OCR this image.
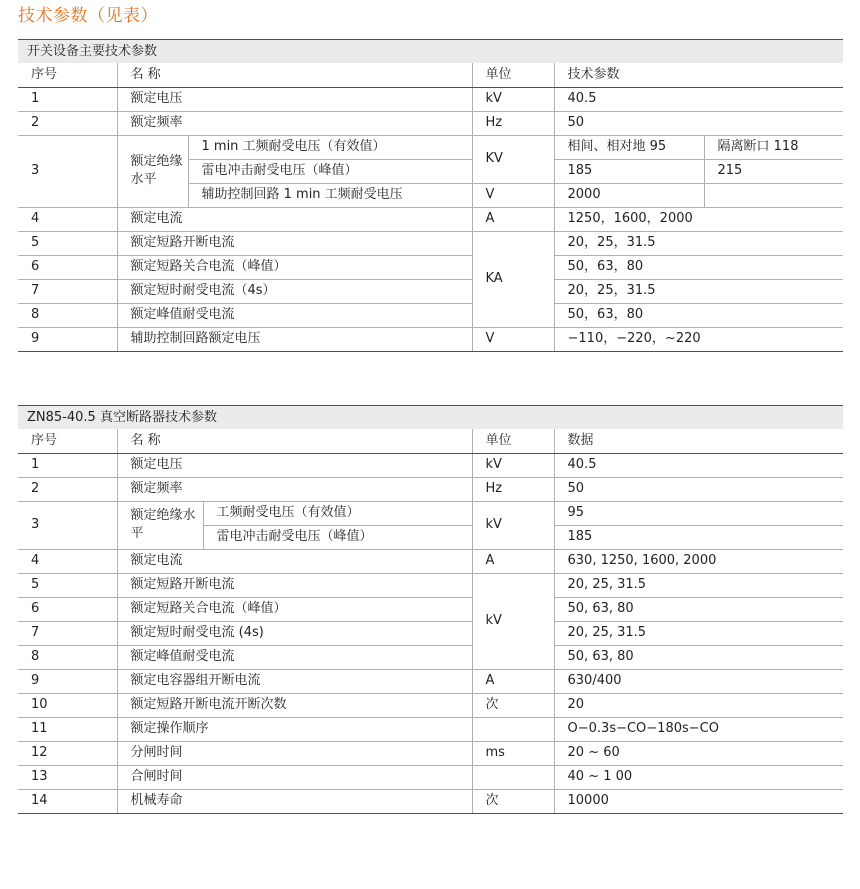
技术参数（见表）
开关设备主要技术参数
序号	名 称		单位	技术参数	
1	额定电压		kV	40.5	
2	额定频率		Hz	50	
3	额定绝缘水平	1 min 工频耐受电压（有效值）	KV	相间、相对地 95	隔离断口 118
		雷电冲击耐受电压（峰值）		185	215
		辅助控制回路 1 min 工频耐受电压	V	2000	
4	额定电流		A	1250，1600，2000	
5	额定短路开断电流		KA	20，25，31.5	
6	额定短路关合电流（峰值）			50，63，80	
7	额定短时耐受电流（4s）			20，25，31.5	
8	额定峰值耐受电流			50，63，80	
9	辅助控制回路额定电压		V	−110，−220，~220	
ZN85-40.5 真空断路器技术参数
序号	名 称		单位	数据
1	额定电压		kV	40.5
2	额定频率		Hz	50
3	额定绝缘水平	工频耐受电压（有效值）	kV	95
		雷电冲击耐受电压（峰值）		185
4	额定电流		A	630, 1250, 1600, 2000
5	额定短路开断电流		kV	20, 25, 31.5
6	额定短路关合电流（峰值）			50, 63, 80
7	额定短时耐受电流 (4s)			20, 25, 31.5
8	额定峰值耐受电流			50, 63, 80
9	额定电容器组开断电流		A	630/400
10	额定短路开断电流开断次数		次	20
11	额定操作顺序			O−0.3s−CO−180s−CO
12	分闸时间		ms	20 ~ 60
13	合闸时间			40 ~ 1 00
14	机械寿命		次	10000
